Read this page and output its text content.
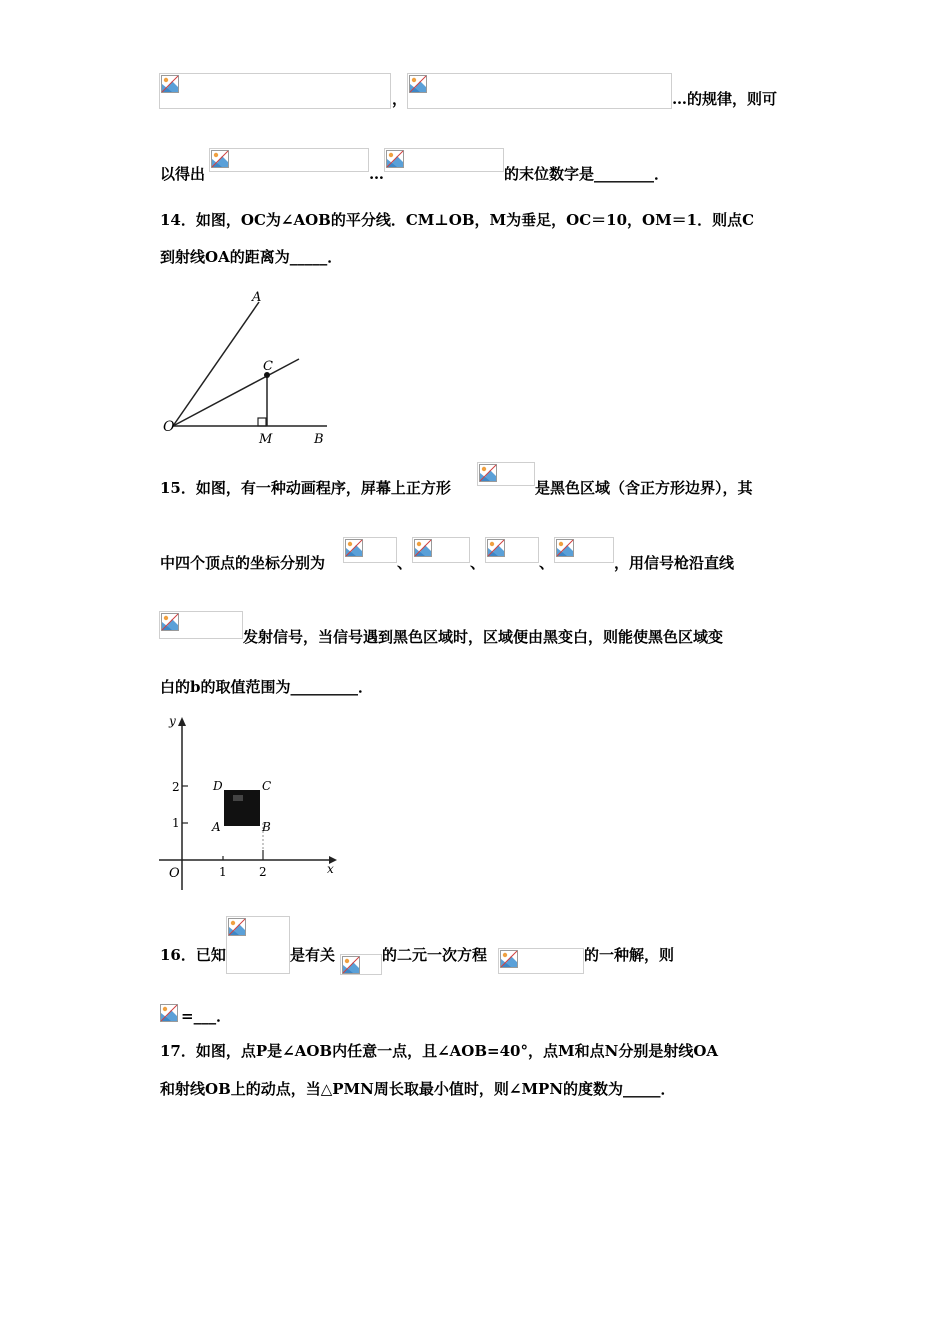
，	…的规律，则可
以得出	…	的末位数字是________．
14．如图，OC为∠AOB的平分线．CM⊥OB，M为垂足，OC＝10，OM＝1．则点C
到射线OA的距离为_____．
A
C
O
M	B
15．如图，有一种动画程序，屏幕上正方形	是黑色区域（含正方形边界），其
中四个顶点的坐标分别为	、	、	、	，用信号枪沿直线
发射信号，当信号遇到黑色区域时，区域便由黑变白，则能使黑色区域变
白的b的取值范围为_________．
y
x
O	1	2
1
2	D	C
A	B
16．已知	是有关	的二元一次方程	的一种解，则
=___．
17．如图，点P是∠AOB内任意一点，且∠AOB=40°，点M和点N分别是射线OA
和射线OB上的动点，当△PMN周长取最小值时，则∠MPN的度数为_____．
